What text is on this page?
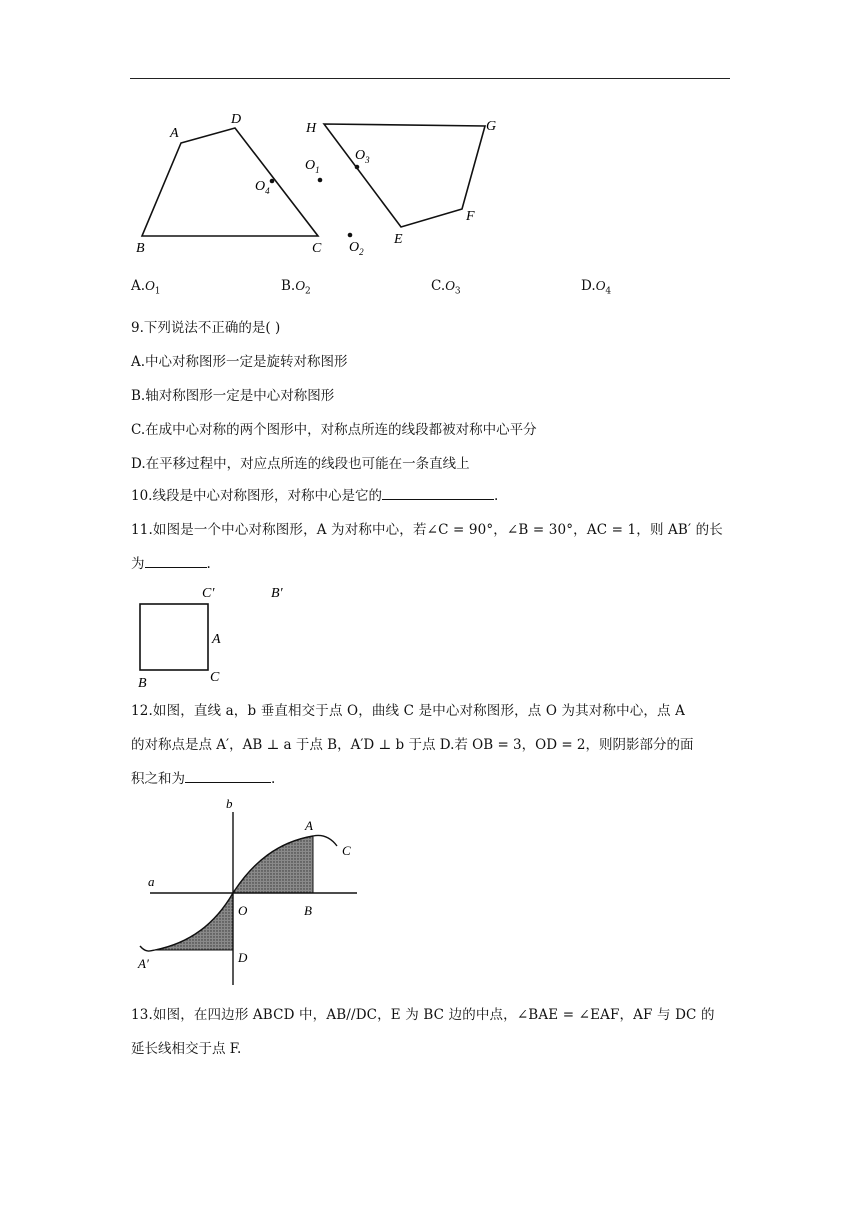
A
D
B	C
$O_4$
H	G
E
F
$O_1$
$O_2$
$O_3$
$A.O_1$	$B.O_2$	$C.O_3$	$D.O_4$
9.下列说法不正确的是( )
A.中心对称图形一定是旋转对称图形
B.轴对称图形一定是中心对称图形
C.在成中心对称的两个图形中，对称点所连的线段都被对称中心平分
D.在平移过程中，对应点所连的线段也可能在一条直线上
10.线段是中心对称图形，对称中心是它的	.
11.如图是一个中心对称图形，A 为对称中心，若∠C = 90°，∠B = 30°，AC = 1，则 AB′ 的长
为	.
C′	B′
A
C
B
12.如图，直线 a，b 垂直相交于点 O，曲线 C 是中心对称图形，点 O 为其对称中心，点 A
的对称点是点 A′，AB ⊥ a 于点 B，A′D ⊥ b 于点 D.若 OB = 3，OD = 2，则阴影部分的面
积之和为	.
b
A
C
a
O	B
A′	D
13.如图，在四边形 ABCD 中，AB//DC，E 为 BC 边的中点，∠BAE = ∠EAF，AF 与 DC 的
延长线相交于点 F.
